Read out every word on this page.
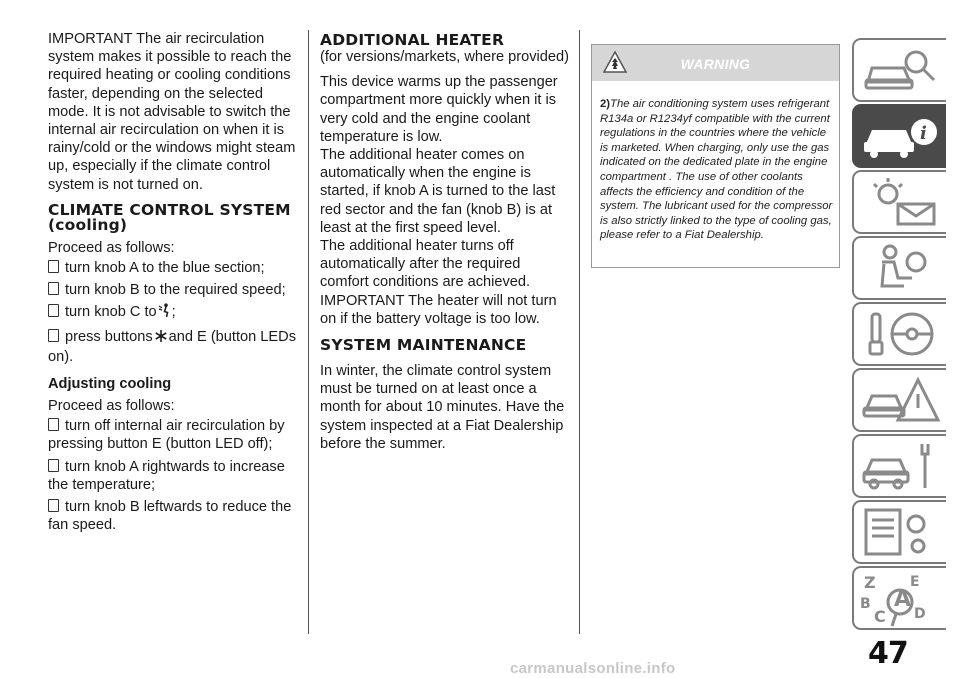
IMPORTANT The air recirculation system makes it possible to reach the required heating or cooling conditions faster, depending on the selected mode. It is not advisable to switch the internal air recirculation on when it is rainy/cold or the windows might steam up, especially if the climate control system is not turned on.

CLIMATE CONTROL SYSTEM (cooling)

Proceed as follows:

turn knob A to the blue section;
turn knob B to the required speed;
turn knob C to ;
press buttons and E (button LEDs on).
Adjusting cooling

Proceed as follows:

turn off internal air recirculation by pressing button E (button LED off);
turn knob A rightwards to increase the temperature;
turn knob B leftwards to reduce the fan speed.
ADDITIONAL HEATER

(for versions/markets, where provided)

This device warms up the passenger compartment more quickly when it is very cold and the engine coolant temperature is low.

The additional heater comes on automatically when the engine is started, if knob A is turned to the last red sector and the fan (knob B) is at least at the first speed level.

The additional heater turns off automatically after the required comfort conditions are achieved.

IMPORTANT The heater will not turn on if the battery voltage is too low.

SYSTEM MAINTENANCE

In winter, the climate control system must be turned on at least once a month for about 10 minutes. Have the system inspected at a Fiat Dealership before the summer.

WARNING
2)The air conditioning system uses refrigerant R134a or R1234yf compatible with the current regulations in the countries where the vehicle is marketed. When charging, only use the gas indicated on the dedicated plate in the engine compartment . The use of other coolants affects the efficiency and condition of the system. The lubricant used for the compressor is also strictly linked to the type of cooling gas, please refer to a Fiat Dealership.
i
Z E
B A
D
C
47
carmanualsonline.info
